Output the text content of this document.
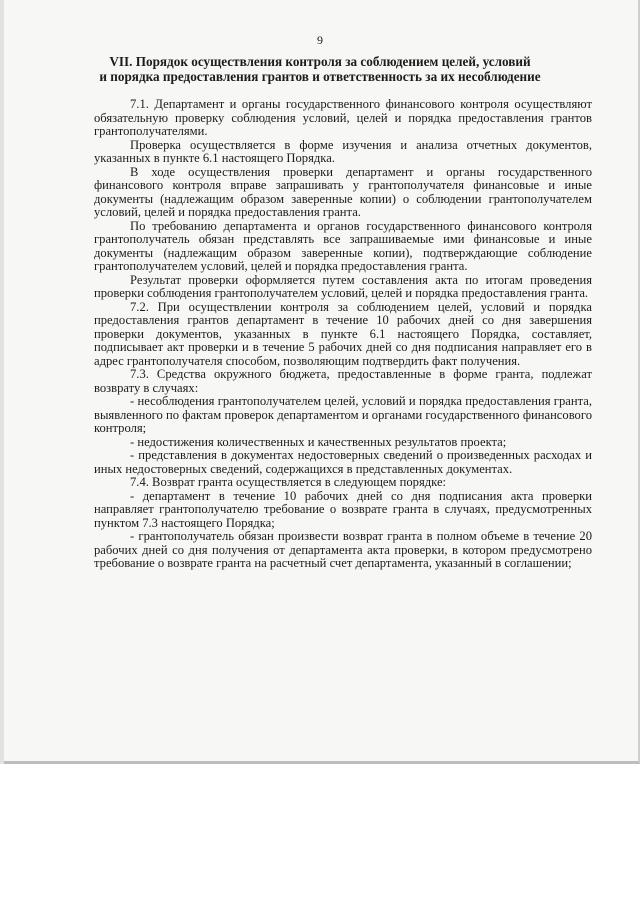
9
VII. Порядок осуществления контроля за соблюдением целей, условий
и порядка предоставления грантов и ответственность за их несоблюдение

7.1. Департамент и органы государственного финансового контроля осуществляют обязательную проверку соблюдения условий, целей и порядка предоставления грантов грантополучателями.

Проверка осуществляется в форме изучения и анализа отчетных документов, указанных в пункте 6.1 настоящего Порядка.

В ходе осуществления проверки департамент и органы государственного финансового контроля вправе запрашивать у грантополучателя финансовые и иные документы (надлежащим образом заверенные копии) о соблюдении грантополучателем условий, целей и порядка предоставления гранта.

По требованию департамента и органов государственного финансового контроля грантополучатель обязан представлять все запрашиваемые ими финансовые и иные документы (надлежащим образом заверенные копии), подтверждающие соблюдение грантополучателем условий, целей и порядка предоставления гранта.

Результат проверки оформляется путем составления акта по итогам проведения проверки соблюдения грантополучателем условий, целей и порядка предоставления гранта.

7.2. При осуществлении контроля за соблюдением целей, условий и порядка предоставления грантов департамент в течение 10 рабочих дней со дня завершения проверки документов, указанных в пункте 6.1 настоящего Порядка, составляет, подписывает акт проверки и в течение 5 рабочих дней со дня подписания направляет его в адрес грантополучателя способом, позволяющим подтвердить факт получения.

7.3. Средства окружного бюджета, предоставленные в форме гранта, подлежат возврату в случаях:

- несоблюдения грантополучателем целей, условий и порядка предоставления гранта, выявленного по фактам проверок департаментом и органами государственного финансового контроля;

- недостижения количественных и качественных результатов проекта;

- представления в документах недостоверных сведений о произведенных расходах и иных недостоверных сведений, содержащихся в представленных документах.

7.4. Возврат гранта осуществляется в следующем порядке:

- департамент в течение 10 рабочих дней со дня подписания акта проверки направляет грантополучателю требование о возврате гранта в случаях, предусмотренных пунктом 7.3 настоящего Порядка;

- грантополучатель обязан произвести возврат гранта в полном объеме в течение 20 рабочих дней со дня получения от департамента акта проверки, в котором предусмотрено требование о возврате гранта на расчетный счет департамента, указанный в соглашении;
